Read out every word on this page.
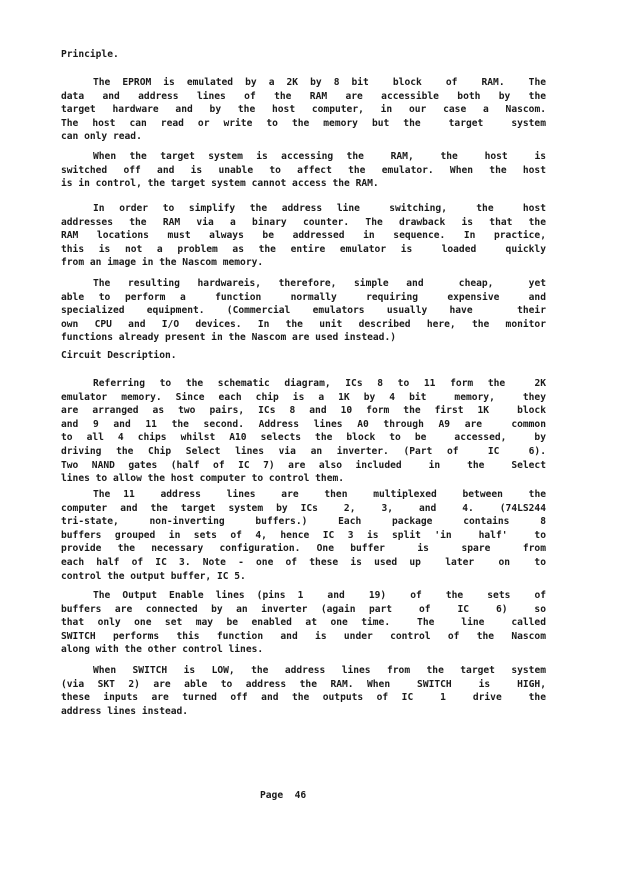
Principle.
The EPROM is emulated by a 2K by 8 bit  block  of  RAM.  The
data and address lines of the RAM are accessible both by the
target hardware and by the host computer, in our case a Nascom.
The host can read or write to the memory but the  target  system
can only read.
When the target system is accessing the  RAM,  the  host  is
switched off and is unable to affect the emulator. When the host
is in control, the target system cannot access the RAM.
In order to simplify the address line  switching,  the  host
addresses the RAM via a binary counter. The drawback is that the
RAM locations must always be addressed in sequence. In practice,
this is not a problem as the entire emulator is  loaded  quickly
from an image in the Nascom memory.
The resulting hardwareis, therefore, simple and  cheap,  yet
able to perform a  function  normally  requiring  expensive  and
specialized equipment. (Commercial emulators usually have  their
own CPU and I/O devices. In the unit described here, the monitor
functions already present in the Nascom are used instead.)
Circuit Description.
Referring to the schematic diagram, ICs 8 to 11 form the  2K
emulator memory. Since each chip is a 1K by 4 bit  memory,  they
are arranged as two pairs, ICs 8 and 10 form the first 1K  block
and 9 and 11 the second. Address lines A0 through A9 are  common
to all 4 chips whilst A10 selects the block to be  accessed,  by
driving the Chip Select lines via an inverter. (Part of  IC  6).
Two NAND gates (half of IC 7) are also included  in  the  Select
lines to allow the host computer to control them.
The 11  address  lines  are  then  multiplexed  between  the
computer and the target system by ICs  2,  3,  and  4.  (74LS244
tri-state,  non-inverting  buffers.)  Each  package  contains  8
buffers grouped in sets of 4, hence IC 3 is split 'in  half'  to
provide the necessary configuration. One buffer  is  spare  from
each half of IC 3. Note - one of these is used up  later  on  to
control the output buffer, IC 5.
The Output Enable lines (pins 1  and  19)  of  the  sets  of
buffers are connected by an inverter (again part  of  IC  6)  so
that only one set may be enabled at one time.  The  line  called
SWITCH performs this function and is under control of the Nascom
along with the other control lines.
When SWITCH is LOW, the address lines from the target system
(via SKT 2) are able to address the RAM. When  SWITCH  is  HIGH,
these inputs are turned off and the outputs of IC  1  drive  the
address lines instead.
Page  46
